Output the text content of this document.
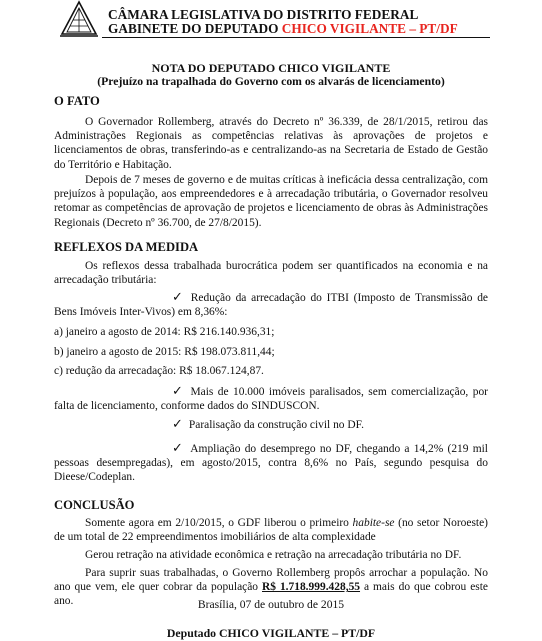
CÂMARA LEGISLATIVA DO DISTRITO FEDERAL
GABINETE DO DEPUTADO CHICO VIGILANTE – PT/DF
NOTA DO DEPUTADO CHICO VIGILANTE
(Prejuízo na trapalhada do Governo com os alvarás de licenciamento)
O FATO

O Governador Rollemberg, através do Decreto nº 36.339, de 28/1/2015, retirou das Administrações Regionais as competências relativas às aprovações de projetos e licenciamentos de obras, transferindo-as e centralizando-as na Secretaria de Estado de Gestão do Território e Habitação.

Depois de 7 meses de governo e de muitas críticas à ineficácia dessa centralização, com prejuízos à população, aos empreendedores e à arrecadação tributária, o Governador resolveu retomar as competências de aprovação de projetos e licenciamento de obras às Administrações Regionais (Decreto nº 36.700, de 27/8/2015).

REFLEXOS DA MEDIDA

Os reflexos dessa trabalhada burocrática podem ser quantificados na economia e na arrecadação tributária:

✓ Redução da arrecadação do ITBI (Imposto de Transmissão de Bens Imóveis Inter-Vivos) em 8,36%:

a) janeiro a agosto de 2014: R$ 216.140.936,31;

b) janeiro a agosto de 2015: R$ 198.073.811,44;

c) redução da arrecadação: R$ 18.067.124,87.

✓ Mais de 10.000 imóveis paralisados, sem comercialização, por falta de licenciamento, conforme dados do SINDUSCON.

✓ Paralisação da construção civil no DF.

✓ Ampliação do desemprego no DF, chegando a 14,2% (219 mil pessoas desempregadas), em agosto/2015, contra 8,6% no País, segundo pesquisa do Dieese/Codeplan.

CONCLUSÃO

Somente agora em 2/10/2015, o GDF liberou o primeiro habite-se (no setor Noroeste) de um total de 22 empreendimentos imobiliários de alta complexidade

Gerou retração na atividade econômica e retração na arrecadação tributária no DF.

Para suprir suas trabalhadas, o Governo Rollemberg propôs arrochar a população. No ano que vem, ele quer cobrar da população R$ 1.718.999.428,55 a mais do que cobrou este ano.	Brasília, 07 de outubro de 2015
Deputado CHICO VIGILANTE – PT/DF
